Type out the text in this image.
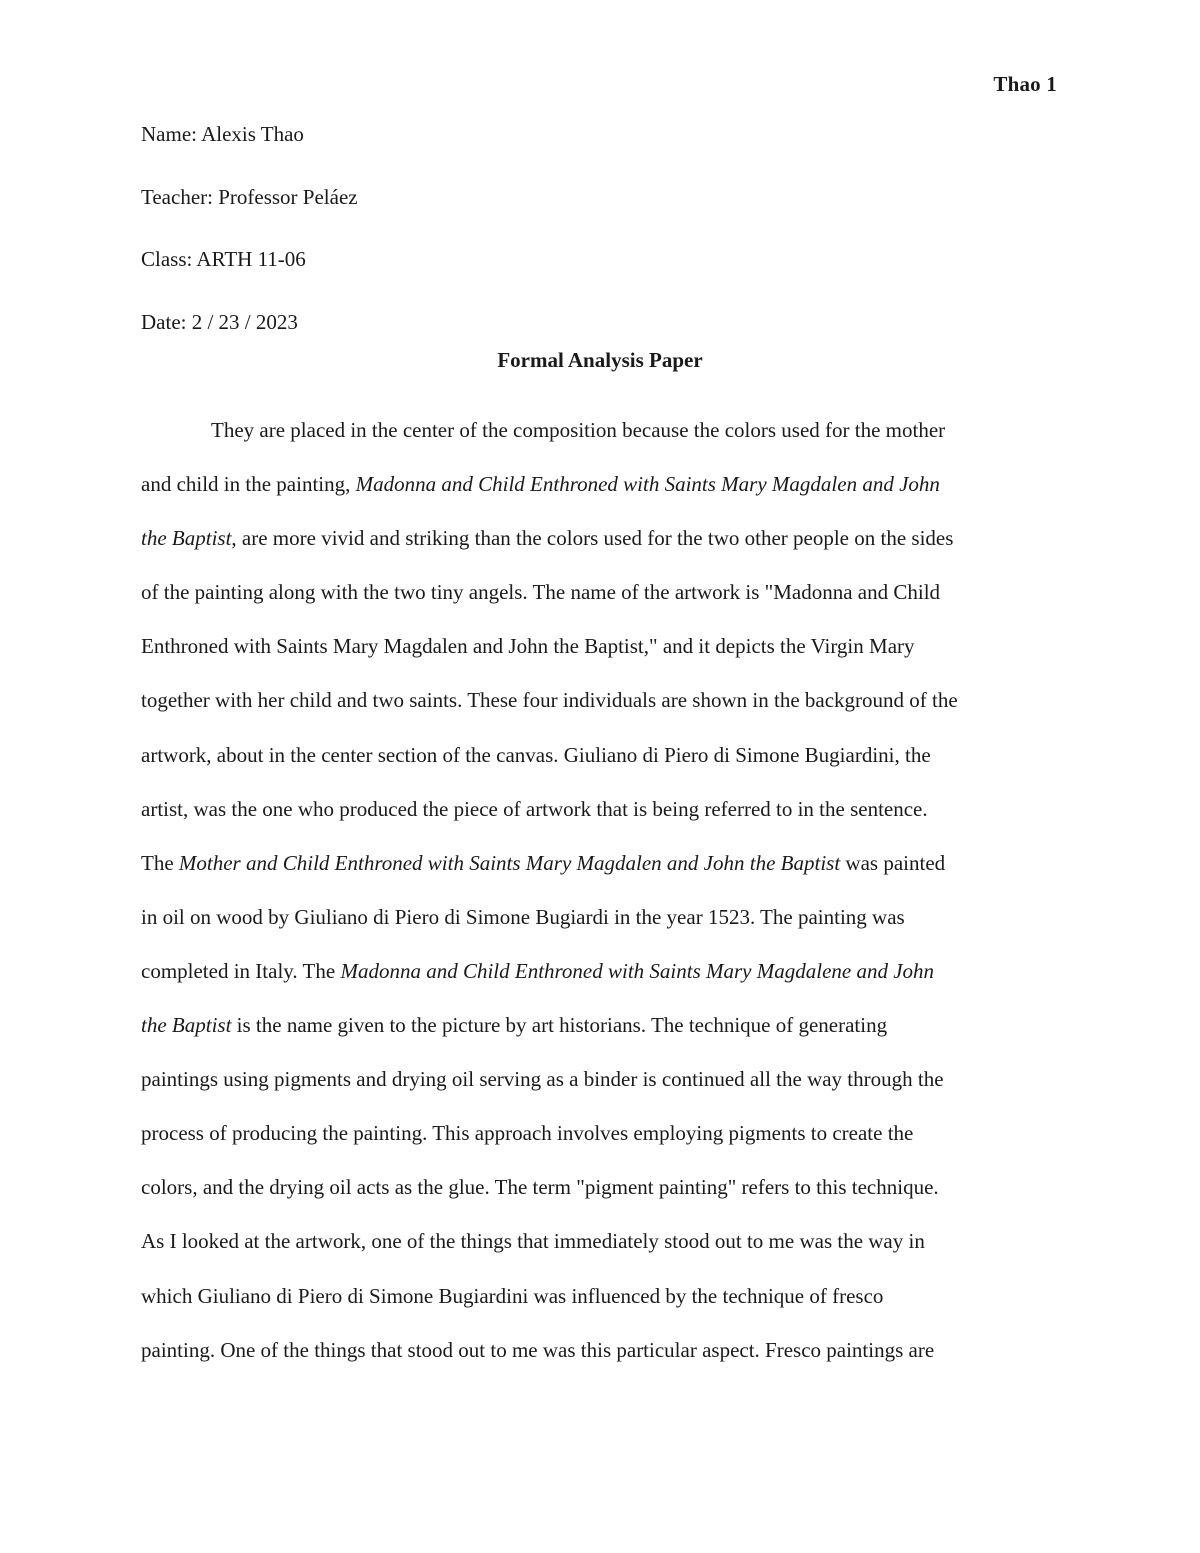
Thao 1
Name: Alexis Thao
Teacher: Professor Peláez
Class: ARTH 11-06
Date: 2 / 23 / 2023
Formal Analysis Paper
They are placed in the center of the composition because the colors used for the mother
and child in the painting, Madonna and Child Enthroned with Saints Mary Magdalen and John
the Baptist, are more vivid and striking than the colors used for the two other people on the sides
of the painting along with the two tiny angels. The name of the artwork is "Madonna and Child
Enthroned with Saints Mary Magdalen and John the Baptist," and it depicts the Virgin Mary
together with her child and two saints. These four individuals are shown in the background of the
artwork, about in the center section of the canvas. Giuliano di Piero di Simone Bugiardini, the
artist, was the one who produced the piece of artwork that is being referred to in the sentence.
The Mother and Child Enthroned with Saints Mary Magdalen and John the Baptist was painted
in oil on wood by Giuliano di Piero di Simone Bugiardi in the year 1523. The painting was
completed in Italy. The Madonna and Child Enthroned with Saints Mary Magdalene and John
the Baptist is the name given to the picture by art historians. The technique of generating
paintings using pigments and drying oil serving as a binder is continued all the way through the
process of producing the painting. This approach involves employing pigments to create the
colors, and the drying oil acts as the glue. The term "pigment painting" refers to this technique.
As I looked at the artwork, one of the things that immediately stood out to me was the way in
which Giuliano di Piero di Simone Bugiardini was influenced by the technique of fresco
painting. One of the things that stood out to me was this particular aspect. Fresco paintings are
